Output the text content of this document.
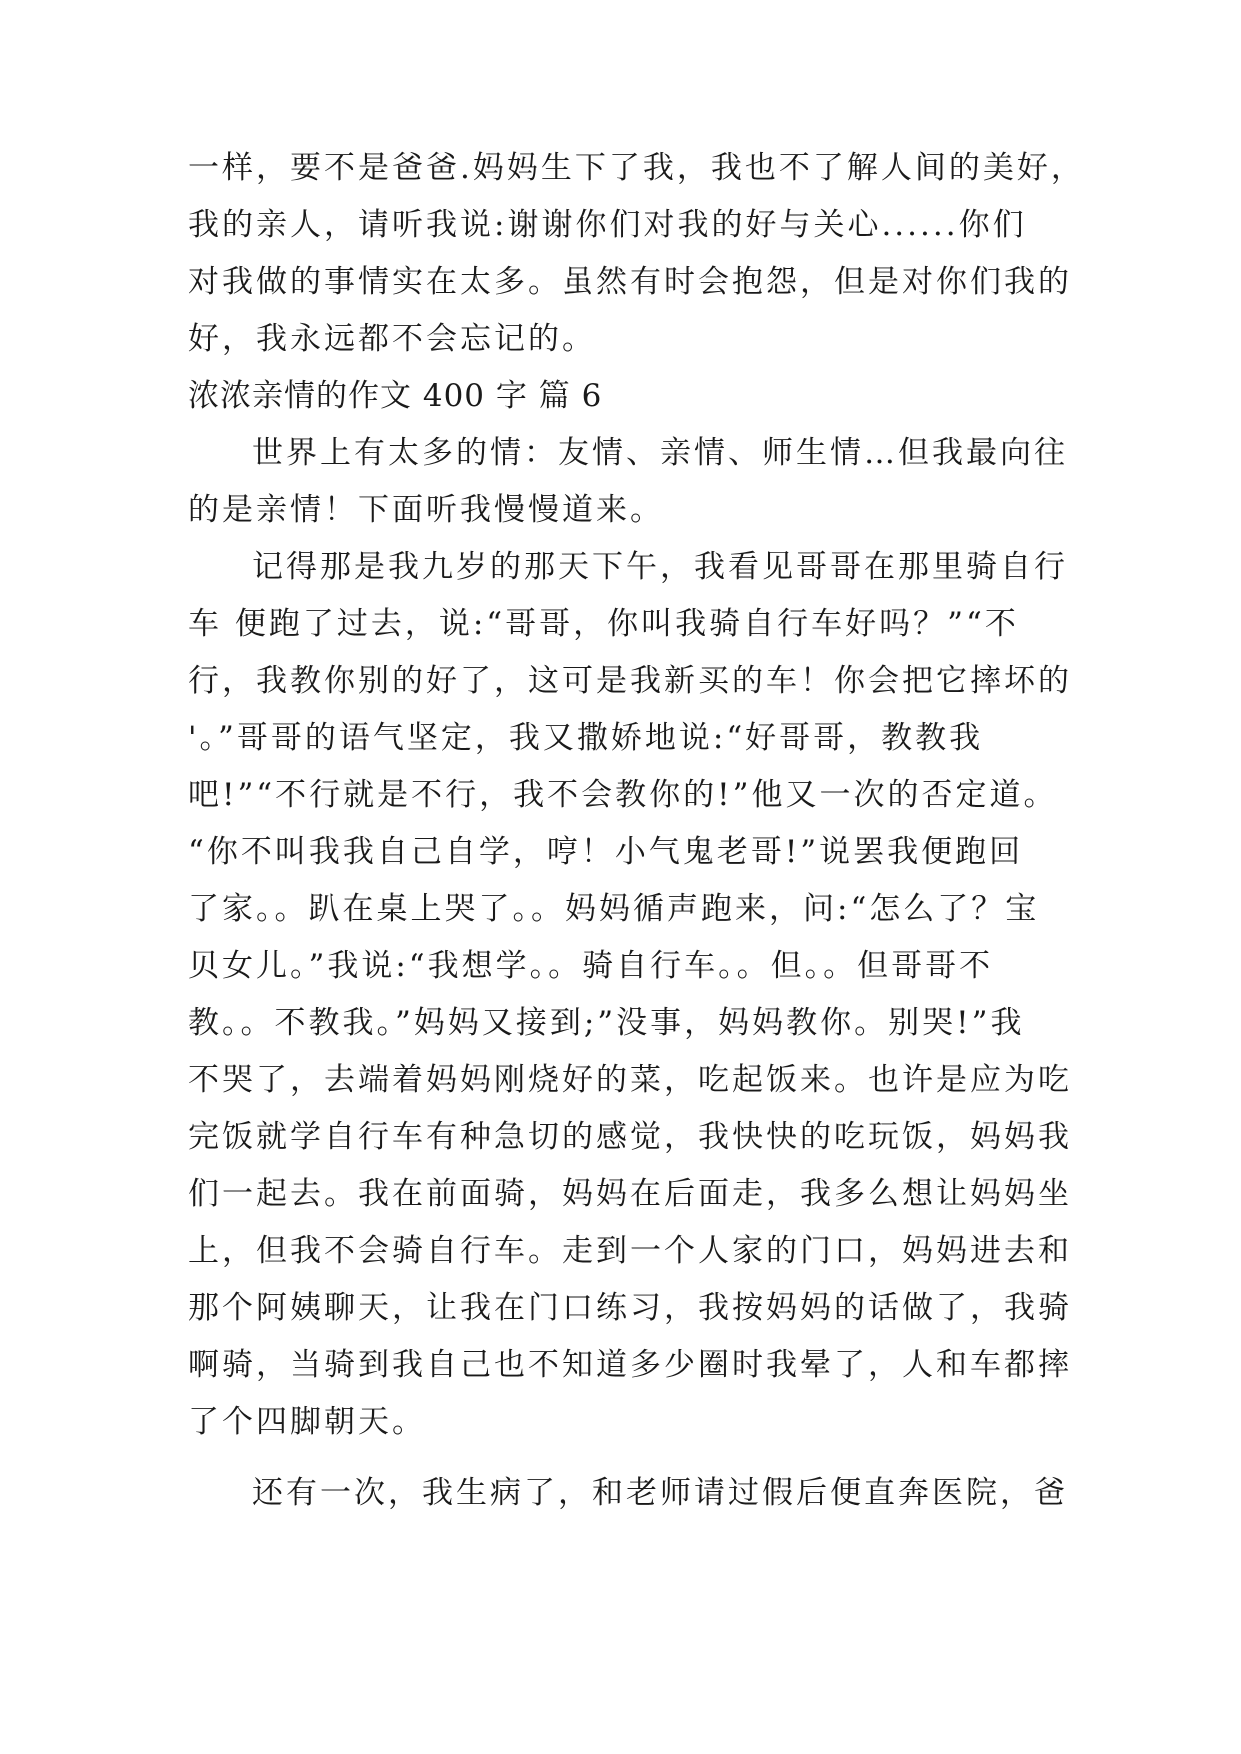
一样，要不是爸爸.妈妈生下了我，我也不了解人间的美好，
我的亲人，请听我说:谢谢你们对我的好与关心......你们
对我做的事情实在太多。虽然有时会抱怨，但是对你们我的
好，我永远都不会忘记的。
浓浓亲情的作文 400 字 篇 6
世界上有太多的情：友情、亲情、师生情…但我最向往
的是亲情！下面听我慢慢道来。
记得那是我九岁的那天下午，我看见哥哥在那里骑自行
车 便跑了过去，说:“哥哥，你叫我骑自行车好吗？”“不
行，我教你别的好了，这可是我新买的车！你会把它摔坏的
'。”哥哥的语气坚定，我又撒娇地说:“好哥哥，教教我
吧!”“不行就是不行，我不会教你的!”他又一次的否定道。
“你不叫我我自己自学，哼！小气鬼老哥!”说罢我便跑回
了家。。趴在桌上哭了。。妈妈循声跑来，问:“怎么了？宝
贝女儿。”我说:“我想学。。骑自行车。。但。。但哥哥不
教。。不教我。”妈妈又接到;”没事，妈妈教你。别哭!”我
不哭了，去端着妈妈刚烧好的菜，吃起饭来。也许是应为吃
完饭就学自行车有种急切的感觉，我快快的吃玩饭，妈妈我
们一起去。我在前面骑，妈妈在后面走，我多么想让妈妈坐
上，但我不会骑自行车。走到一个人家的门口，妈妈进去和
那个阿姨聊天，让我在门口练习，我按妈妈的话做了，我骑
啊骑，当骑到我自己也不知道多少圈时我晕了，人和车都摔
了个四脚朝天。
还有一次，我生病了，和老师请过假后便直奔医院，爸
